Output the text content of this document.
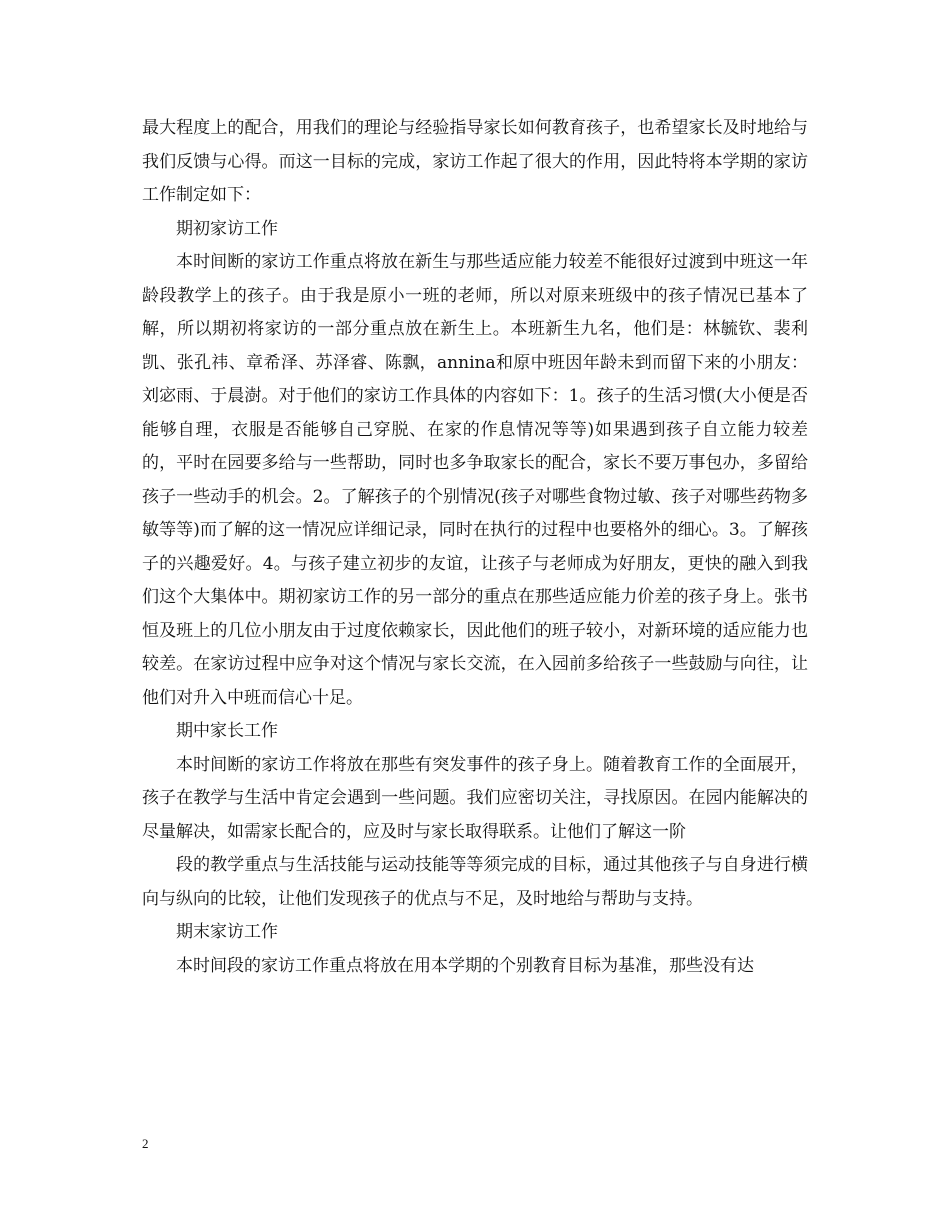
最大程度上的配合，用我们的理论与经验指导家长如何教育孩子，也希望家长及时地给与我们反馈与心得。而这一目标的完成，家访工作起了很大的作用，因此特将本学期的家访工作制定如下：

期初家访工作

本时间断的家访工作重点将放在新生与那些适应能力较差不能很好过渡到中班这一年龄段教学上的孩子。由于我是原小一班的老师，所以对原来班级中的孩子情况已基本了解，所以期初将家访的一部分重点放在新生上。本班新生九名，他们是：林毓钦、裴利凯、张孔祎、章希泽、苏泽睿、陈飘，annina和原中班因年龄未到而留下来的小朋友：刘宓雨、于晨澍。对于他们的家访工作具体的内容如下：1。孩子的生活习惯(大小便是否能够自理，衣服是否能够自己穿脱、在家的作息情况等等)如果遇到孩子自立能力较差的，平时在园要多给与一些帮助，同时也多争取家长的配合，家长不要万事包办，多留给孩子一些动手的机会。2。了解孩子的个别情况(孩子对哪些食物过敏、孩子对哪些药物多敏等等)而了解的这一情况应详细记录，同时在执行的过程中也要格外的细心。3。了解孩子的兴趣爱好。4。与孩子建立初步的友谊，让孩子与老师成为好朋友，更快的融入到我们这个大集体中。期初家访工作的另一部分的重点在那些适应能力价差的孩子身上。张书恒及班上的几位小朋友由于过度依赖家长，因此他们的班子较小，对新环境的适应能力也较差。在家访过程中应争对这个情况与家长交流，在入园前多给孩子一些鼓励与向往，让他们对升入中班而信心十足。

期中家长工作

本时间断的家访工作将放在那些有突发事件的孩子身上。随着教育工作的全面展开，孩子在教学与生活中肯定会遇到一些问题。我们应密切关注，寻找原因。在园内能解决的尽量解决，如需家长配合的，应及时与家长取得联系。让他们了解这一阶

段的教学重点与生活技能与运动技能等等须完成的目标，通过其他孩子与自身进行横向与纵向的比较，让他们发现孩子的优点与不足，及时地给与帮助与支持。

期末家访工作

本时间段的家访工作重点将放在用本学期的个别教育目标为基准，那些没有达

2
